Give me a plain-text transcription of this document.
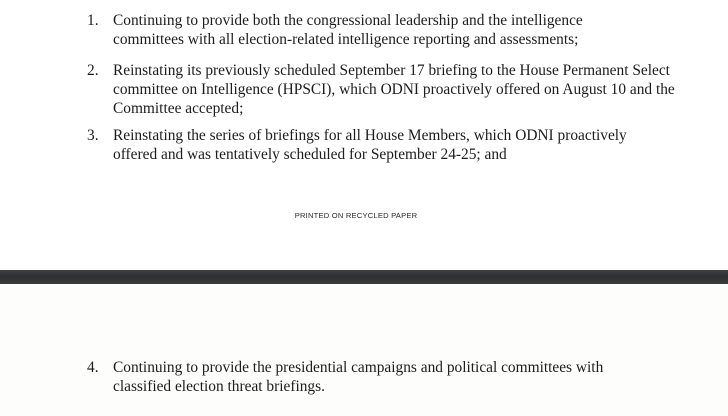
1. Continuing to provide both the congressional leadership and the intelligence
committees with all election-related intelligence reporting and assessments;
2. Reinstating its previously scheduled September 17 briefing to the House Permanent Select
committee on Intelligence (HPSCI), which ODNI proactively offered on August 10 and the
Committee accepted;
3. Reinstating the series of briefings for all House Members, which ODNI proactively
offered and was tentatively scheduled for September 24-25; and
PRINTED ON RECYCLED PAPER
4. Continuing to provide the presidential campaigns and political committees with
classified election threat briefings.
